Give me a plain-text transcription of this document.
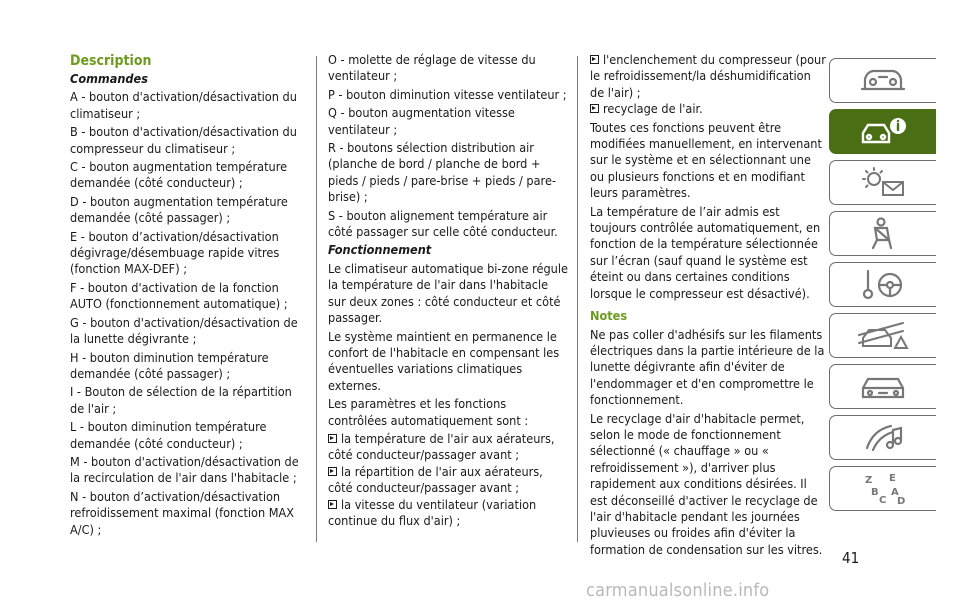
Description
Commandes

A - bouton d'activation/désactivation du climatiseur ;

B - bouton d'activation/désactivation du compresseur du climatiseur ;

C - bouton augmentation température demandée (côté conducteur) ;

D - bouton augmentation température demandée (côté passager) ;

E - bouton d’activation/désactivation dégivrage/désembuage rapide vitres (fonction MAX-DEF) ;

F - bouton d'activation de la fonction AUTO (fonctionnement automatique) ;

G - bouton d'activation/désactivation de la lunette dégivrante ;

H - bouton diminution température demandée (côté passager) ;

I - Bouton de sélection de la répartition de l'air ;

L - bouton diminution température demandée (côté conducteur) ;

M - bouton d'activation/désactivation de la recirculation de l'air dans l'habitacle ;

N - bouton d’activation/désactivation refroidissement maximal (fonction MAX A/C) ;

O - molette de réglage de vitesse du ventilateur ;

P - bouton diminution vitesse ventilateur ;

Q - bouton augmentation vitesse ventilateur ;

R - boutons sélection distribution air (planche de bord / planche de bord + pieds / pieds / pare-brise + pieds / pare-brise) ;

S - bouton alignement température air côté passager sur celle côté conducteur.

Fonctionnement

Le climatiseur automatique bi-zone régule la température de l'air dans l'habitacle sur deux zones : côté conducteur et côté passager.

Le système maintient en permanence le confort de l'habitacle en compensant les éventuelles variations climatiques externes.

Les paramètres et les fonctions contrôlées automatiquement sont :

la température de l'air aux aérateurs, côté conducteur/passager avant ;

la répartition de l'air aux aérateurs, côté conducteur/passager avant ;

la vitesse du ventilateur (variation continue du flux d'air) ;

l'enclenchement du compresseur (pour le refroidissement/la déshumidification de l'air) ;

recyclage de l'air.

Toutes ces fonctions peuvent être modifiées manuellement, en intervenant sur le système et en sélectionnant une ou plusieurs fonctions et en modifiant leurs paramètres.

La température de l’air admis est toujours contrôlée automatiquement, en fonction de la température sélectionnée sur l’écran (sauf quand le système est éteint ou dans certaines conditions lorsque le compresseur est désactivé).

Notes

Ne pas coller d'adhésifs sur les filaments électriques dans la partie intérieure de la lunette dégivrante afin d'éviter de l'endommager et d'en compromettre le fonctionnement.

Le recyclage d'air d'habitacle permet, selon le mode de fonctionnement sélectionné (« chauffage » ou « refroidissement »), d'arriver plus rapidement aux conditions désirées. Il est déconseillé d'activer le recyclage de l'air d'habitacle pendant les journées pluvieuses ou froides afin d'éviter la formation de condensation sur les vitres.

Z E
B
C
A
D
41
carmanualsonline.info
